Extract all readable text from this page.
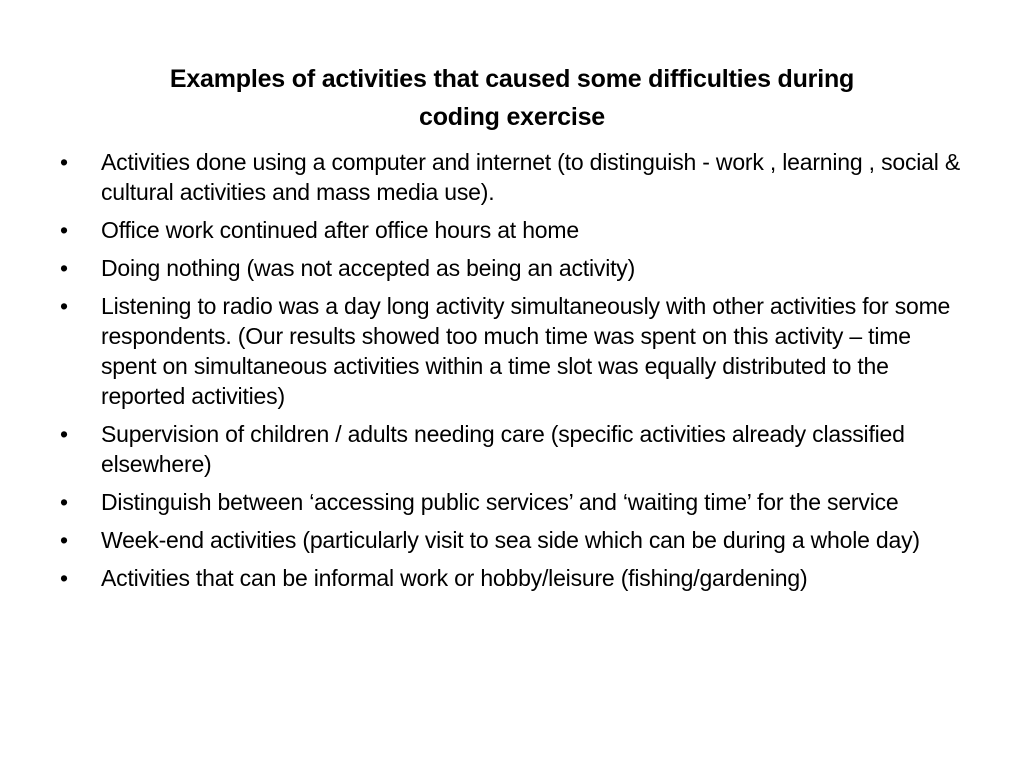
Examples of activities that caused some difficulties during
coding exercise
•	Activities done using a computer and internet (to distinguish - work , learning , social & cultural activities and mass media use).
•	Office work continued after office hours at home
•	Doing nothing (was not accepted as being an activity)
•	Listening to radio was a day long activity simultaneously with other activities for some respondents. (Our results showed too much time was spent on this activity – time spent on simultaneous activities within a time slot was equally distributed to the reported activities)
•	Supervision of children / adults needing care (specific activities already classified elsewhere)
•	Distinguish between ‘accessing public services’ and ‘waiting time’ for the service
•	Week-end activities (particularly visit to sea side which can be during a whole day)
•	Activities that can be informal work or hobby/leisure (fishing/gardening)
